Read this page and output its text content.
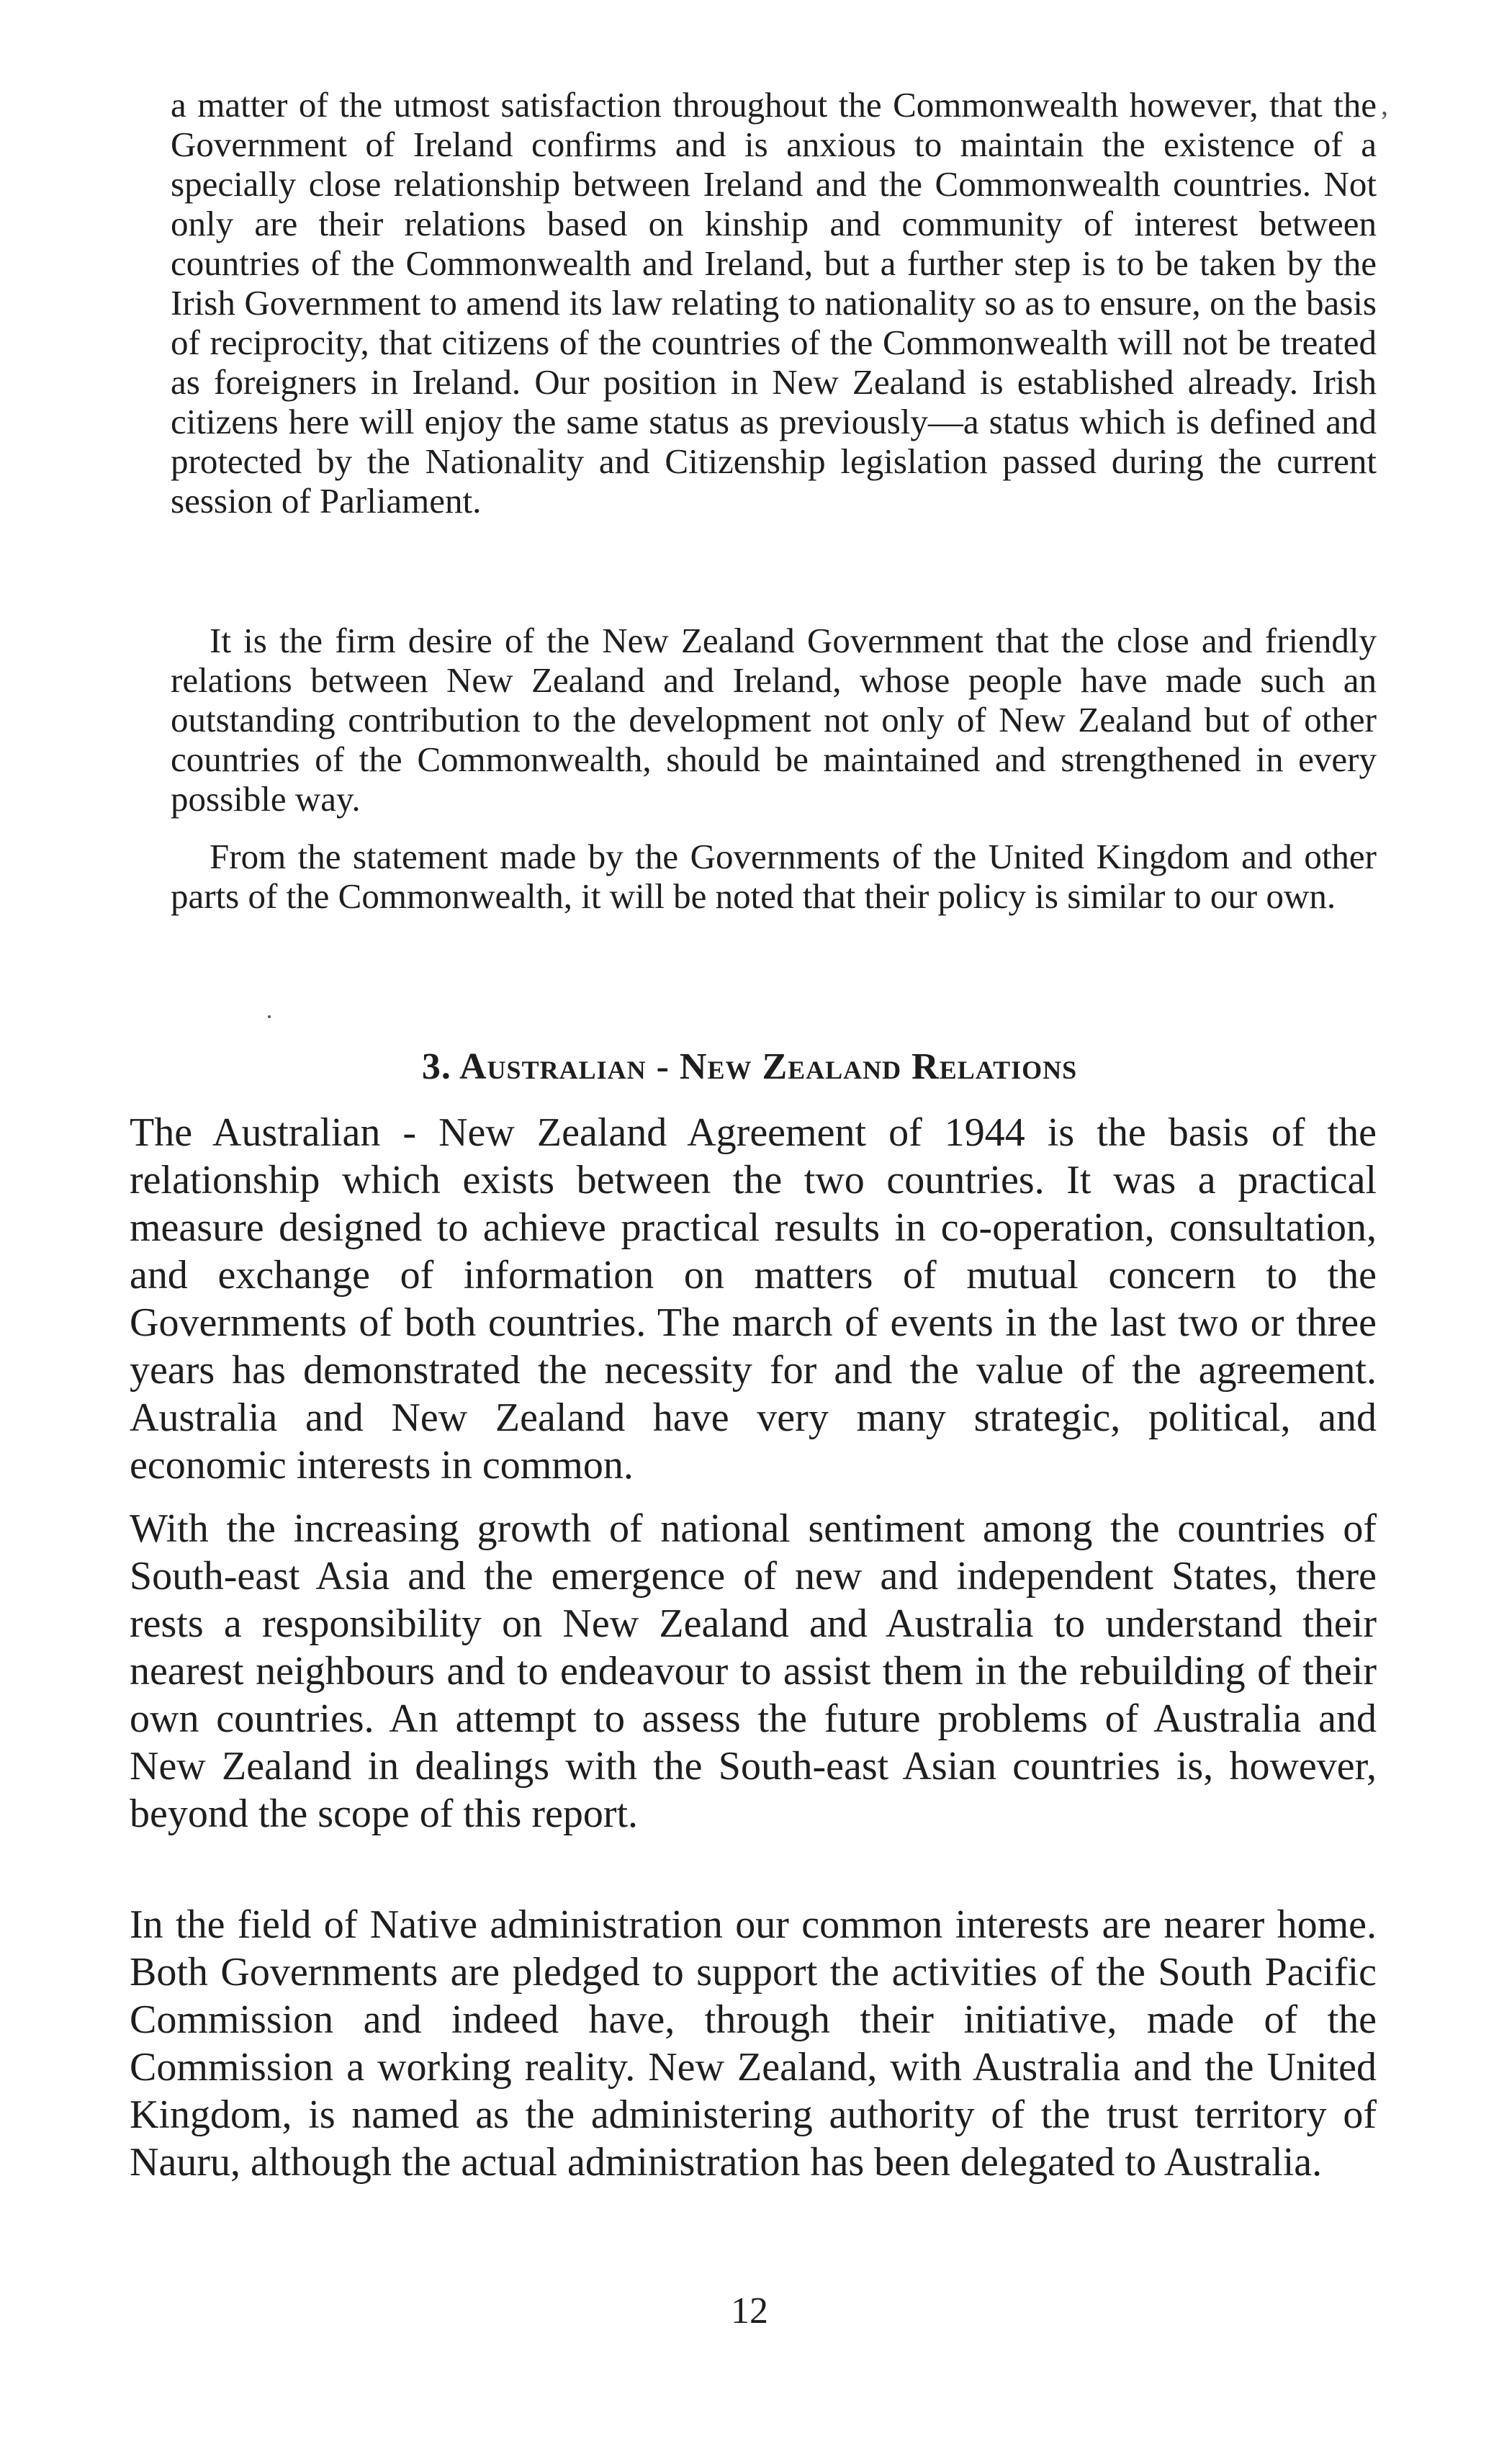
a matter of the utmost satisfaction throughout the Commonwealth however, that the Government of Ireland confirms and is anxious to maintain the existence of a specially close relationship between Ireland and the Commonwealth countries. Not only are their relations based on kinship and community of interest between countries of the Commonwealth and Ireland, but a further step is to be taken by the Irish Government to amend its law relating to nationality so as to ensure, on the basis of reciprocity, that citizens of the countries of the Commonwealth will not be treated as foreigners in Ireland. Our position in New Zealand is established already. Irish citizens here will enjoy the same status as previously—a status which is defined and protected by the Nationality and Citizenship legislation passed during the current session of Parliament.

It is the firm desire of the New Zealand Government that the close and friendly relations between New Zealand and Ireland, whose people have made such an outstanding contribution to the development not only of New Zealand but of other countries of the Commonwealth, should be maintained and strengthened in every possible way.

From the statement made by the Governments of the United Kingdom and other parts of the Commonwealth, it will be noted that their policy is similar to our own.

,
3. Australian - New Zealand Relations

The Australian - New Zealand Agreement of 1944 is the basis of the relationship which exists between the two countries. It was a practical measure designed to achieve practical results in co-operation, consultation, and exchange of information on matters of mutual concern to the Governments of both countries. The march of events in the last two or three years has demonstrated the necessity for and the value of the agreement. Australia and New Zealand have very many strategic, political, and economic interests in common.

With the increasing growth of national sentiment among the countries of South-east Asia and the emergence of new and independent States, there rests a responsibility on New Zealand and Australia to understand their nearest neighbours and to endeavour to assist them in the rebuilding of their own countries. An attempt to assess the future problems of Australia and New Zealand in dealings with the South-east Asian countries is, however, beyond the scope of this report.

In the field of Native administration our common interests are nearer home. Both Governments are pledged to support the activities of the South Pacific Commission and indeed have, through their initiative, made of the Commission a working reality. New Zealand, with Australia and the United Kingdom, is named as the administering authority of the trust territory of Nauru, although the actual administration has been delegated to Australia.

12
